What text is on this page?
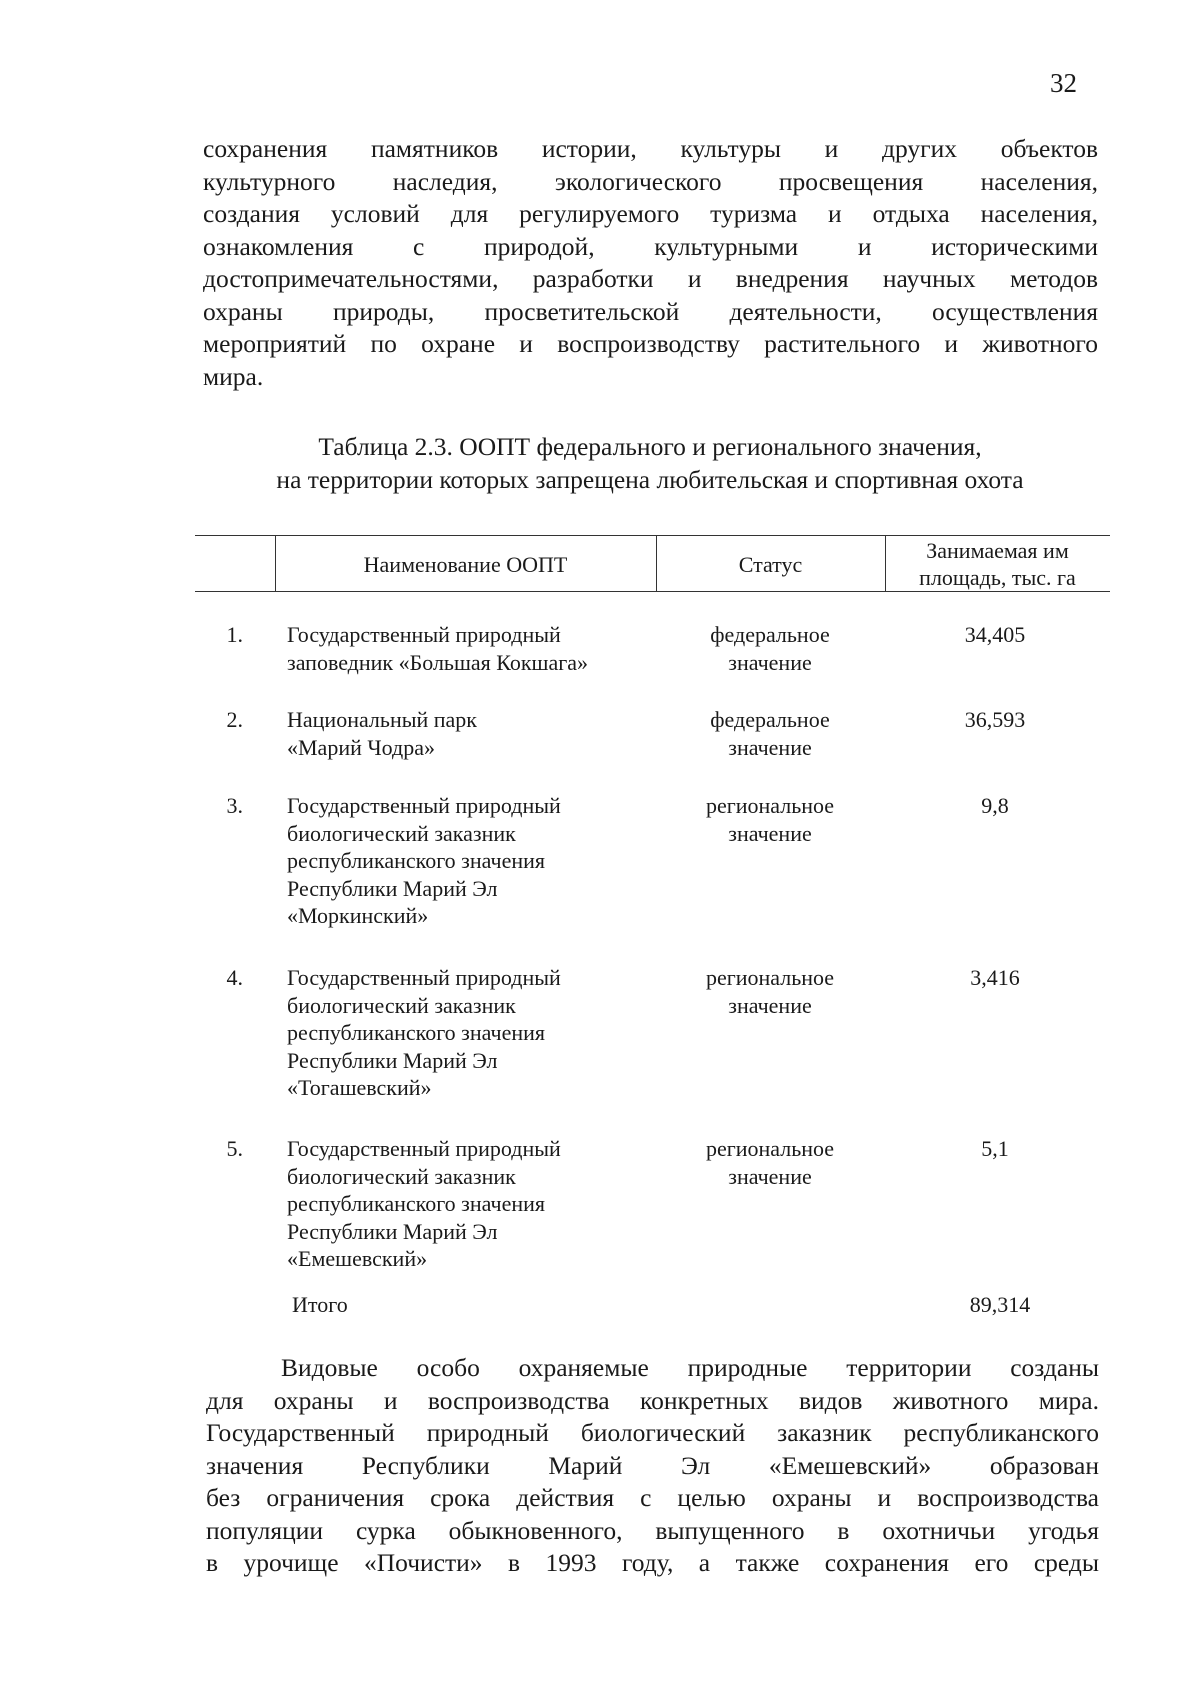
32
сохранения памятников истории, культуры и других объектов
культурного наследия, экологического просвещения населения,
создания условий для регулируемого туризма и отдыха населения,
ознакомления с природой, культурными и историческими
достопримечательностями, разработки и внедрения научных методов
охраны природы, просветительской деятельности, осуществления
мероприятий по охране и воспроизводству растительного и животного
мира.
Таблица 2.3. ООПТ федерального и регионального значения,
на территории которых запрещена любительская и спортивная охота
Наименование ООПТ	Статус
Занимаемая им
площадь, тыс. га
1. Государственный природный
заповедник «Большая Кокшага»
федеральное
значение
34,405
2. Национальный парк
«Марий Чодра»
федеральное
значение
36,593
3. Государственный природный
биологический заказник
республиканского значения
Республики Марий Эл
«Моркинский»
региональное
значение
9,8
4. Государственный природный
биологический заказник
республиканского значения
Республики Марий Эл
«Тогашевский»
региональное
значение
3,416
5. Государственный природный
биологический заказник
республиканского значения
Республики Марий Эл
«Емешевский»
региональное
значение
5,1
Итого	89,314
Видовые особо охраняемые природные территории созданы
для охраны и воспроизводства конкретных видов животного мира.
Государственный природный биологический заказник республиканского
значения Республики Марий Эл «Емешевский» образован
без ограничения срока действия с целью охраны и воспроизводства
популяции сурка обыкновенного, выпущенного в охотничьи угодья
в урочище «Почисти» в 1993 году, а также сохранения его среды
